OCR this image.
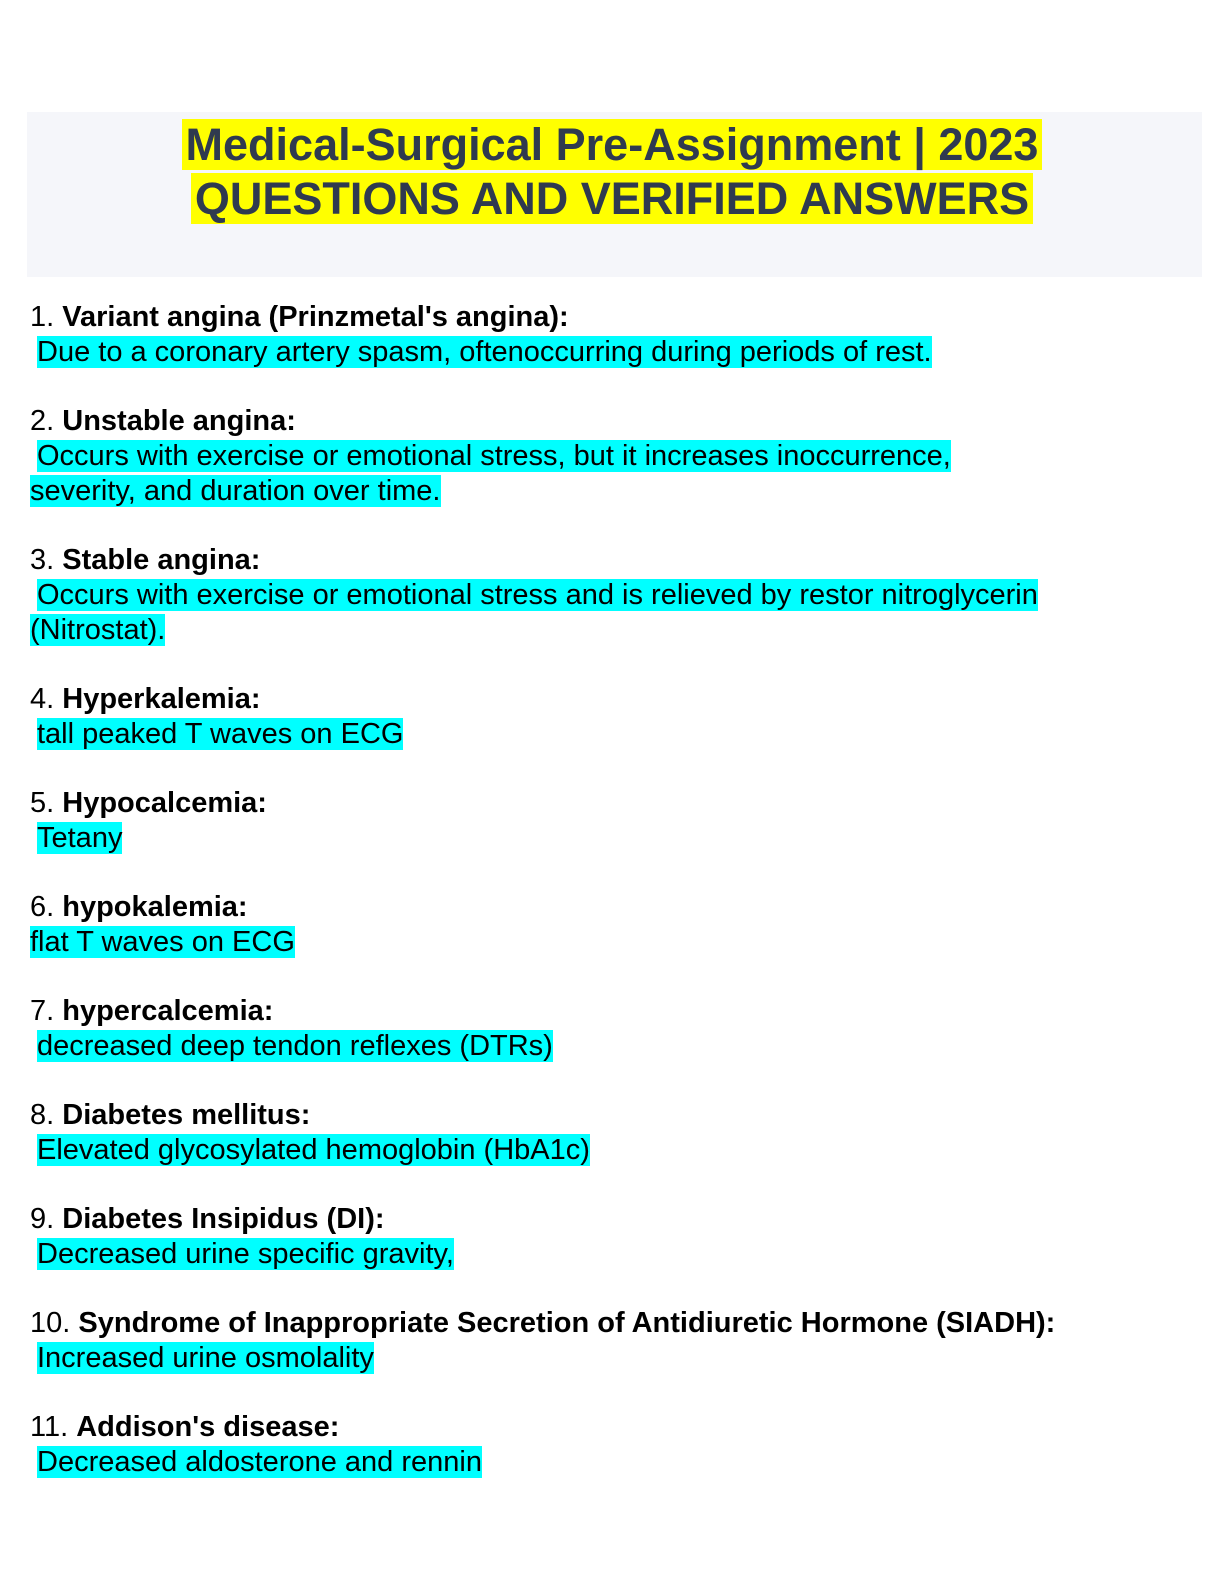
Medical-Surgical Pre-Assignment | 2023
QUESTIONS AND VERIFIED ANSWERS
1. Variant angina (Prinzmetal's angina):
Due to a coronary artery spasm, oftenoccurring during periods of rest.
2. Unstable angina:
Occurs with exercise or emotional stress, but it increases inoccurrence, severity, and duration over time.
3. Stable angina:
Occurs with exercise or emotional stress and is relieved by restor nitroglycerin (Nitrostat).
4. Hyperkalemia:
tall peaked T waves on ECG
5. Hypocalcemia:
Tetany
6. hypokalemia:
flat T waves on ECG
7. hypercalcemia:
decreased deep tendon reflexes (DTRs)
8. Diabetes mellitus:
Elevated glycosylated hemoglobin (HbA1c)
9. Diabetes Insipidus (DI):
Decreased urine specific gravity,
10. Syndrome of Inappropriate Secretion of Antidiuretic Hormone (SIADH):
Increased urine osmolality
11. Addison's disease:
Decreased aldosterone and rennin
